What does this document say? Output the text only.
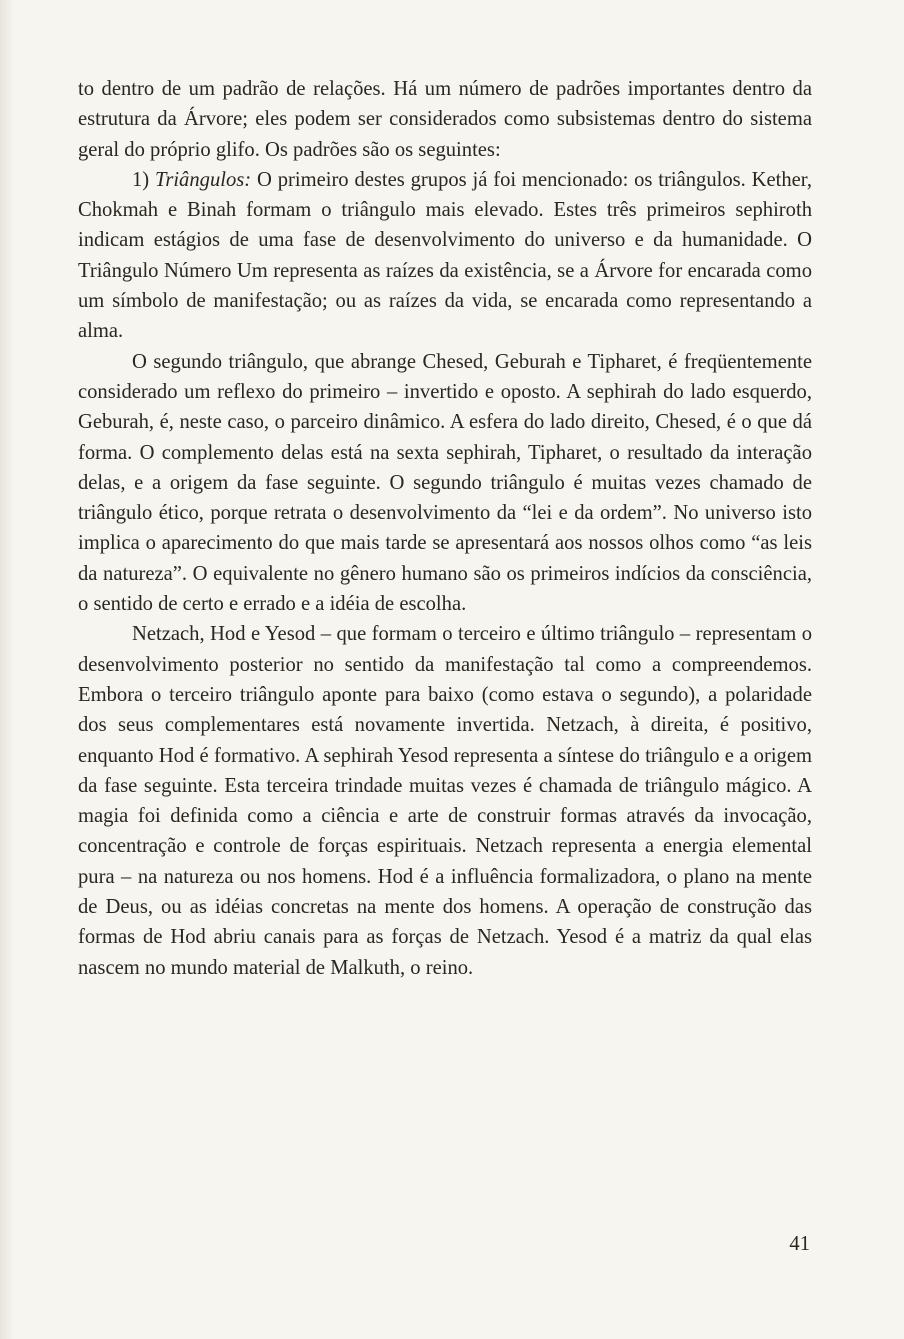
to dentro de um padrão de relações. Há um número de padrões importantes dentro da estrutura da Árvore; eles podem ser considerados como subsistemas dentro do sistema geral do próprio glifo. Os padrões são os seguintes:

1) Triângulos: O primeiro destes grupos já foi mencionado: os triângulos. Kether, Chokmah e Binah formam o triângulo mais elevado. Estes três primeiros sephiroth indicam estágios de uma fase de desenvolvimento do universo e da humanidade. O Triângulo Número Um representa as raízes da existência, se a Árvore for encarada como um símbolo de manifestação; ou as raízes da vida, se encarada como representando a alma.

O segundo triângulo, que abrange Chesed, Geburah e Tipharet, é freqüentemente considerado um reflexo do primeiro – invertido e oposto. A sephirah do lado esquerdo, Geburah, é, neste caso, o parceiro dinâmico. A esfera do lado direito, Chesed, é o que dá forma. O complemento delas está na sexta sephirah, Tipharet, o resultado da interação delas, e a origem da fase seguinte. O segundo triângulo é muitas vezes chamado de triângulo ético, porque retrata o desenvolvimento da “lei e da ordem”. No universo isto implica o aparecimento do que mais tarde se apresentará aos nossos olhos como “as leis da natureza”. O equivalente no gênero humano são os primeiros indícios da consciência, o sentido de certo e errado e a idéia de escolha.

Netzach, Hod e Yesod – que formam o terceiro e último triângulo – representam o desenvolvimento posterior no sentido da manifestação tal como a compreendemos. Embora o terceiro triângulo aponte para baixo (como estava o segundo), a polaridade dos seus complementares está novamente invertida. Netzach, à direita, é positivo, enquanto Hod é formativo. A sephirah Yesod representa a síntese do triângulo e a origem da fase seguinte. Esta terceira trindade muitas vezes é chamada de triângulo mágico. A magia foi definida como a ciência e arte de construir formas através da invocação, concentração e controle de forças espirituais. Netzach representa a energia elemental pura – na natureza ou nos homens. Hod é a influência formalizadora, o plano na mente de Deus, ou as idéias concretas na mente dos homens. A operação de construção das formas de Hod abriu canais para as forças de Netzach. Yesod é a matriz da qual elas nascem no mundo material de Malkuth, o reino.

41
